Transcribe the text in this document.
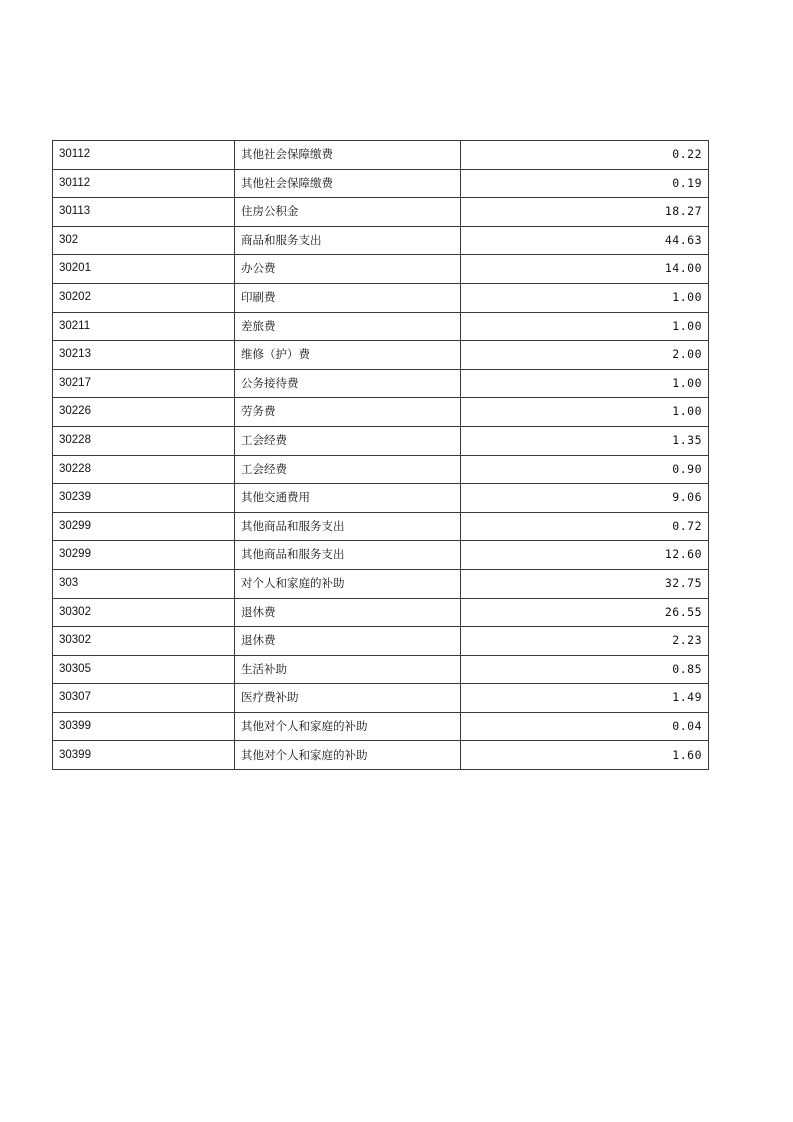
30112	其他社会保障缴费	0.22
30112	其他社会保障缴费	0.19
30113	住房公积金	18.27
302	商品和服务支出	44.63
30201	办公费	14.00
30202	印刷费	1.00
30211	差旅费	1.00
30213	维修（护）费	2.00
30217	公务接待费	1.00
30226	劳务费	1.00
30228	工会经费	1.35
30228	工会经费	0.90
30239	其他交通费用	9.06
30299	其他商品和服务支出	0.72
30299	其他商品和服务支出	12.60
303	对个人和家庭的补助	32.75
30302	退休费	26.55
30302	退休费	2.23
30305	生活补助	0.85
30307	医疗费补助	1.49
30399	其他对个人和家庭的补助	0.04
30399	其他对个人和家庭的补助	1.60
